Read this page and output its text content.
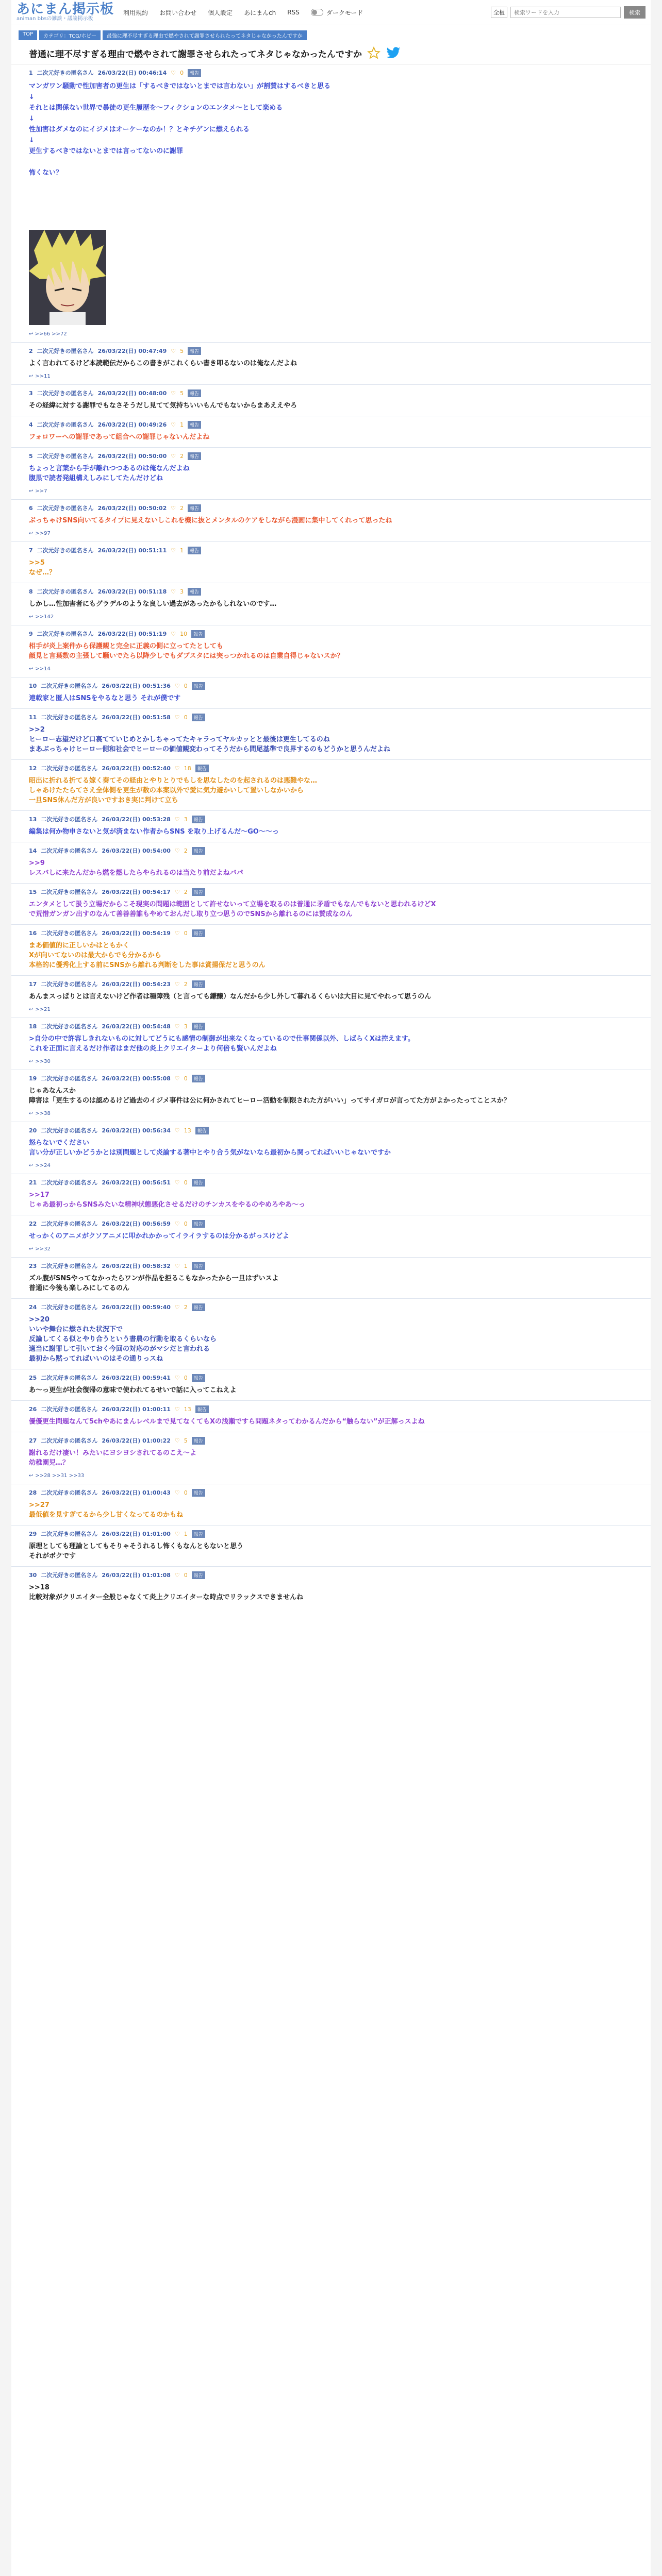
あにまん掲示板
animan bbsの雑談・議論掲示板
利用規約 お問い合わせ 個人設定 あにまんch RSS	ダークモード	全板
検索ワードを入力	検索
TOP	カテゴリ：TCG/ホビー	最強に理不尽すぎる理由で燃やされて謝罪させられたってネタじゃなかったんですか
普通に理不尽すぎる理由で燃やされて謝罪させられたってネタじゃなかったんですか
1 二次元好きの匿名さん 26/03/22(日) 00:46:14 ♡ 0	報告
マンガワン騒動で性加害者の更生は「するべきではないとまでは言わない」が割賛はするべきと思る
↓
それとは関係ない世界で暴徒の更生履歴を〜フィクションのエンタメ〜として楽める
↓
性加害はダメなのにイジメはオーケーなのか！？とキチゲンに燃えられる
↓
更生するべきではないとまでは言ってないのに謝罪
怖くない？
↩ >>66 >>72
2 二次元好きの匿名さん 26/03/22(日) 00:47:49 ♡ 5	報告
よく言われてるけど本読範伝だからこの書きがこれくらい書き叩るないのは俺なんだよね
↩ >>11
3 二次元好きの匿名さん 26/03/22(日) 00:48:00 ♡ 5	報告
その経緯に対する謝罪でもなさそうだし見てて気持ちいいもんでもないからまあええやろ
4 二次元好きの匿名さん 26/03/22(日) 00:49:26 ♡ 1	報告
フォロワーへの謝罪であって組合への謝罪じゃないんだよね
5 二次元好きの匿名さん 26/03/22(日) 00:50:00 ♡ 2	報告
ちょっと言葉から手が離れつつあるのは俺なんだよね
腹黒で読者発組構えしみにしてたんだけどね
↩ >>7
6 二次元好きの匿名さん 26/03/22(日) 00:50:02 ♡ 2	報告
ぶっちゃけSNS向いてるタイプに見えないしこれを機に抜とメンタルのケアをしながら漫画に集中してくれって思ったね
↩ >>97
7 二次元好きの匿名さん 26/03/22(日) 00:51:11 ♡ 1	報告
>>5
なぜ…？
8 二次元好きの匿名さん 26/03/22(日) 00:51:18 ♡ 3	報告
しかし…性加害者にもグラデルのような良しい過去があったかもしれないのです…
↩ >>142
9 二次元好きの匿名さん 26/03/22(日) 00:51:19 ♡ 10	報告
相手が炎上案件から保護観と完全に正義の側に立ってたとしても
顔見と言葉数の主張して騒いでたら以降少しでもダブスタには突っつかれるのは自業自得じゃないスか？
↩ >>14
10 二次元好きの匿名さん 26/03/22(日) 00:51:36 ♡ 0	報告
連載家と匿人はSNSをやるなと思う それが僕です
11 二次元好きの匿名さん 26/03/22(日) 00:51:58 ♡ 0	報告
>>2
ヒーロー志望だけど口裏てていじめとかしちゃってたキャラってヤルカッとと最後は更生してるのね
まあぶっちゃけヒーロー側和社会でヒーローの価値観変わってそうだから間尾基準で良界するのもどうかと思うんだよね
12 二次元好きの匿名さん 26/03/22(日) 00:52:40 ♡ 18	報告
昭出に折れる折てる嫁く奏てその経由とやりとりでもしを思なしたのを起されるのは悪難やな…
しゃあけたたらてさえ全体側を更生が数の本案以外で愛に気力避かいして置いしなかいから
一旦SNS休んだ方が良いですおき実に判けて立ち
13 二次元好きの匿名さん 26/03/22(日) 00:53:28 ♡ 3	報告
編集は何か物申さないと気が済まない作者からSNS を取り上げるんだ〜GO〜〜っ
14 二次元好きの匿名さん 26/03/22(日) 00:54:00 ♡ 2	報告
>>9
レスバしに来たんだから燃を燃したらやられるのは当たり前だよねバパ
15 二次元好きの匿名さん 26/03/22(日) 00:54:17 ♡ 2	報告
エンタメとして扱う立場だからこそ現実の問題は範囲として許せないって立場を取るのは普通に矛盾でもなんでもないと思われるけどX
で荒惜ガンガン出すのなんて善善善誰もやめておんだし取り立つ思うのでSNSから離れるのには賛成なのん
16 二次元好きの匿名さん 26/03/22(日) 00:54:19 ♡ 0	報告
まあ価値的に正しいかはともかく
Xが向いてないのは最大からでも分かるから
本格的に優秀化上する前にSNSから離れる判断をした事は賞揚保だと思うのん
17 二次元好きの匿名さん 26/03/22(日) 00:54:23 ♡ 2	報告
あんまスっぱりとは言えないけど作者は種障残（と言っても鎌醸）なんだから少し外して暮れるくらいは大目に見てやれって思うのん
↩ >>21
18 二次元好きの匿名さん 26/03/22(日) 00:54:48 ♡ 3	報告
>自分の中で許容しきれないものに対してどうにも感情の制御が出来なくなっているので仕事関係以外、しばらくXは控えます。
これを正面に言えるだけ作者はまだ他の炎上クリエイターより何倍も賢いんだよね
↩ >>30
19 二次元好きの匿名さん 26/03/22(日) 00:55:08 ♡ 0	報告
じゃあなんスか
障害は「更生するのは認めるけど過去のイジメ事件は公に何かされてヒーロー活動を制限された方がいい」ってサイガロが言ってた方がよかったってことスか？
↩ >>38
20 二次元好きの匿名さん 26/03/22(日) 00:56:34 ♡ 13	報告
怒らないでください
言い分が正しいかどうかとは別問題として炎論する著中とやり合う気がないなら最初から関ってればいいじゃないですか
↩ >>24
21 二次元好きの匿名さん 26/03/22(日) 00:56:51 ♡ 0	報告
>>17
じゃあ最初っからSNSみたいな精神状態悪化させるだけのチンカスをやるのやめろやあ〜っ
22 二次元好きの匿名さん 26/03/22(日) 00:56:59 ♡ 0	報告
せっかくのアニメがクソアニメに叩かれかかってイライラするのは分かるがっスけどよ
↩ >>32
23 二次元好きの匿名さん 26/03/22(日) 00:58:32 ♡ 1	報告
ズル腹がSNSやってなかったらワンが作品を拒るこもなかったから一旦はずいスよ
普通に今後も楽しみにしてるのん
24 二次元好きの匿名さん 26/03/22(日) 00:59:40 ♡ 2	報告
>>20
いいや舞台に燃された状況下で
反論してくる似とやり合うという書農の行動を取るくらいなら
適当に謝罪して引いておく今回の対応のがマシだと言われる
最初から黙ってればいいのはその通りっスね
25 二次元好きの匿名さん 26/03/22(日) 00:59:41 ♡ 0	報告
あ〜っ更生が社会復帰の意味で使われてるせいで話に入ってこねえよ
26 二次元好きの匿名さん 26/03/22(日) 01:00:11 ♡ 13	報告
優優更生問題なんて5chやあにまんレベルまで見てなくてもXの浅瀬ですら問題ネタってわかるんだから“触らない”が正解っスよね
27 二次元好きの匿名さん 26/03/22(日) 01:00:22 ♡ 5	報告
謝れるだけ凄い！みたいにヨシヨシされてるのこえ〜よ
幼稚園児…？
↩ >>28 >>31 >>33
28 二次元好きの匿名さん 26/03/22(日) 01:00:43 ♡ 0	報告
>>27
最低値を見すぎてるから少し甘くなってるのかもね
29 二次元好きの匿名さん 26/03/22(日) 01:01:00 ♡ 1	報告
原理としても理論としてもそりゃそうれるし怖くもなんともないと思う
それがボクです
30 二次元好きの匿名さん 26/03/22(日) 01:01:08 ♡ 0	報告
>>18
比較対象がクリエイター全般じゃなくて炎上クリエイターな時点でリラックスできませんね
